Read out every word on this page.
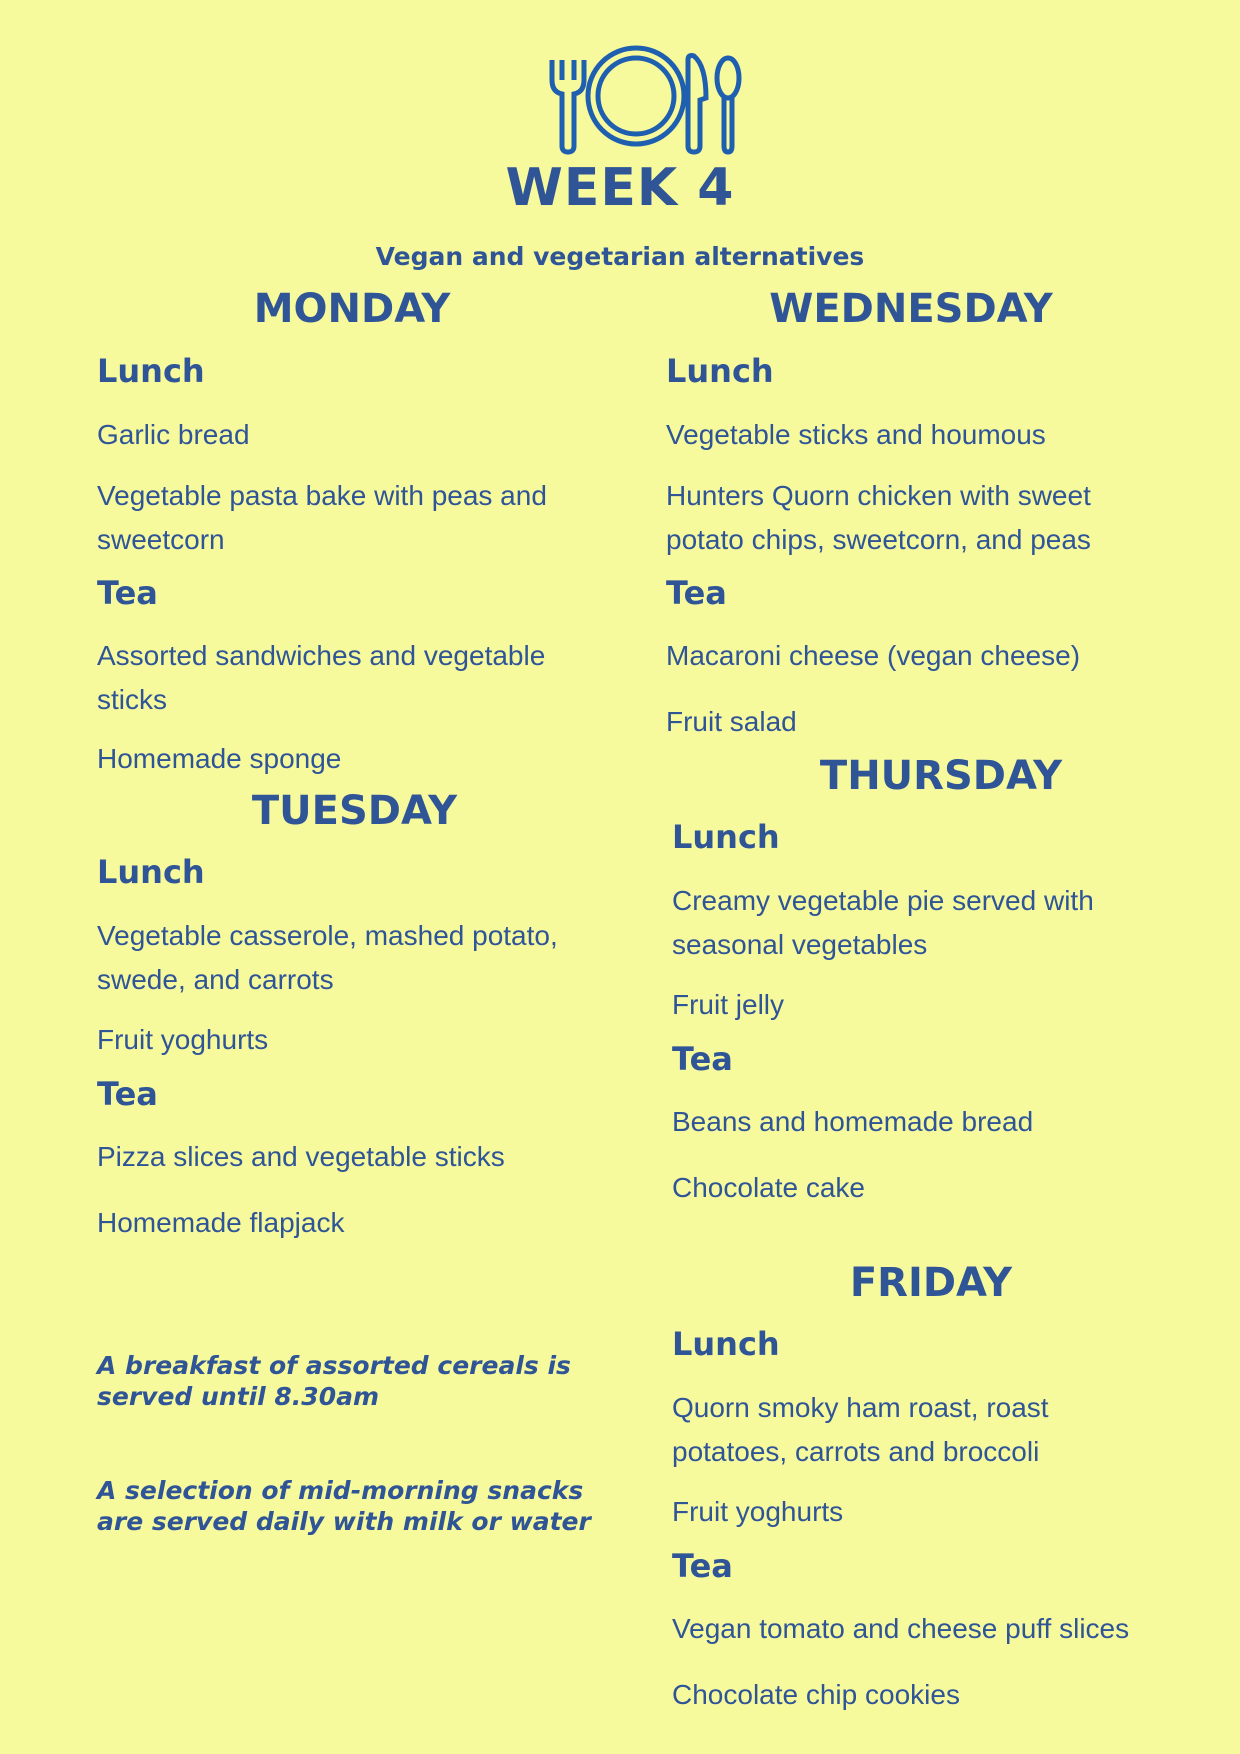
WEEK 4
Vegan and vegetarian alternatives
MONDAY
Lunch
Garlic bread
Vegetable pasta bake with peas and sweetcorn
Tea
Assorted sandwiches and vegetable sticks
Homemade sponge
TUESDAY
Lunch
Vegetable casserole, mashed potato, swede, and carrots
Fruit yoghurts
Tea
Pizza slices and vegetable sticks
Homemade flapjack
A breakfast of assorted cereals is served until 8.30am
A selection of mid-morning snacks are served daily with milk or water
WEDNESDAY
Lunch
Vegetable sticks and houmous
Hunters Quorn chicken with sweet potato chips, sweetcorn, and peas
Tea
Macaroni cheese (vegan cheese)
Fruit salad
THURSDAY
Lunch
Creamy vegetable pie served with seasonal vegetables
Fruit jelly
Tea
Beans and homemade bread
Chocolate cake
FRIDAY
Lunch
Quorn smoky ham roast, roast potatoes, carrots and broccoli
Fruit yoghurts
Tea
Vegan tomato and cheese puff slices
Chocolate chip cookies
